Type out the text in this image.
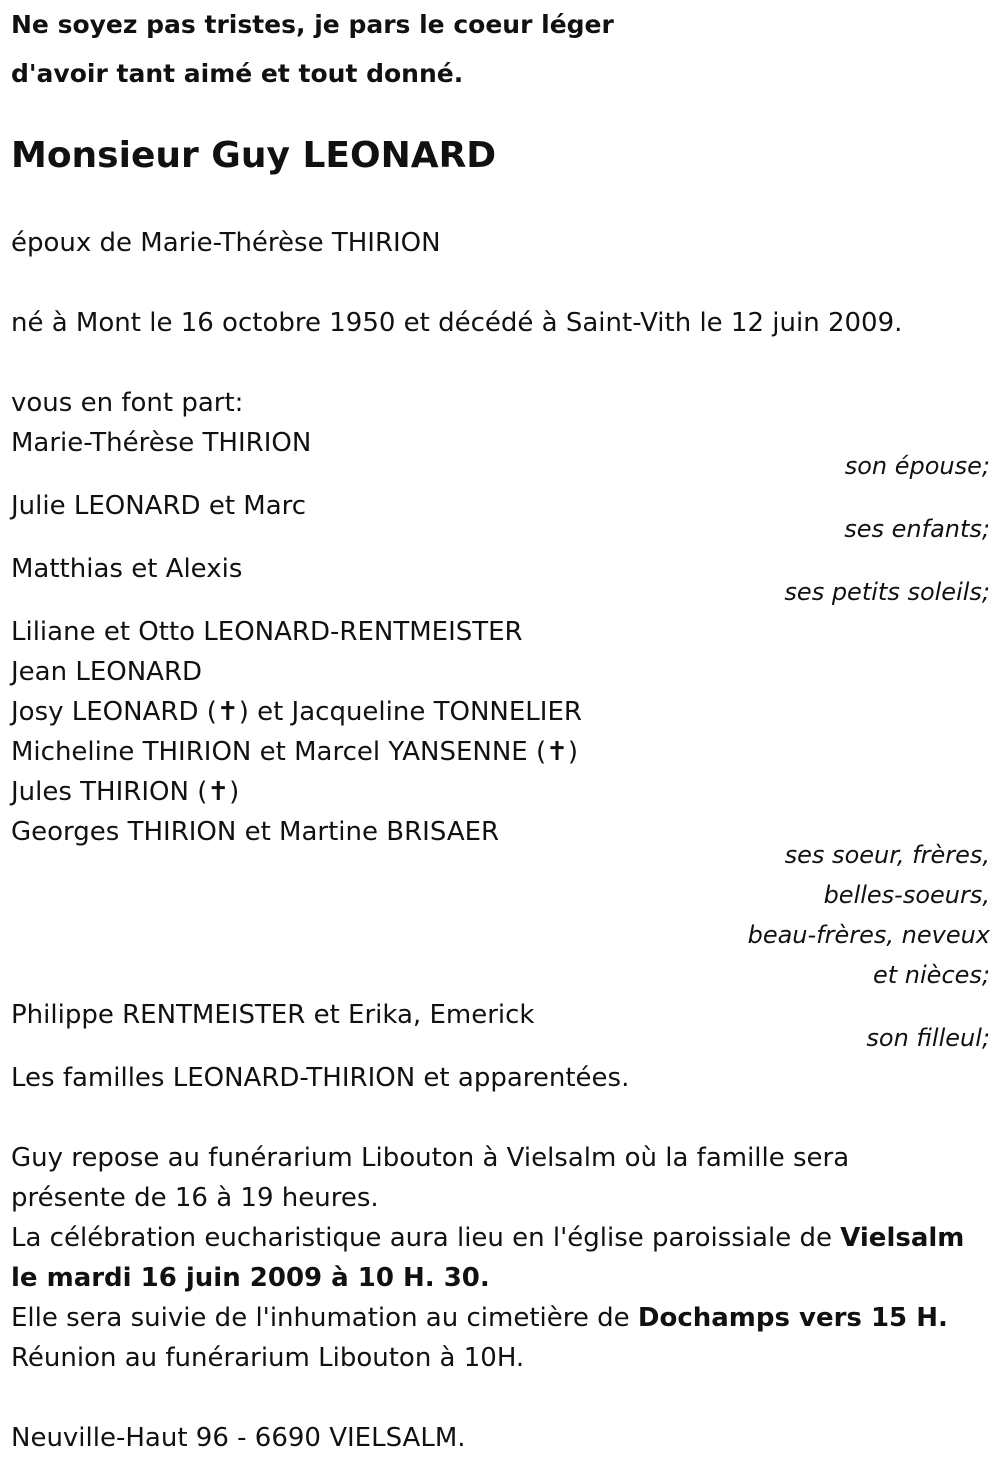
Ne soyez pas tristes, je pars le coeur léger
d'avoir tant aimé et tout donné.
Monsieur Guy LEONARD
époux de Marie-Thérèse THIRION
né à Mont le 16 octobre 1950 et décédé à Saint-Vith le 12 juin 2009.
vous en font part:
Marie-Thérèse THIRION
son épouse;
Julie LEONARD et Marc
ses enfants;
Matthias et Alexis
ses petits soleils;
Liliane et Otto LEONARD-RENTMEISTER
Jean LEONARD
Josy LEONARD (✝) et Jacqueline TONNELIER
Micheline THIRION et Marcel YANSENNE (✝)
Jules THIRION (✝)
Georges THIRION et Martine BRISAER
ses soeur, frères,
belles-soeurs,
beau-frères, neveux
et nièces;
Philippe RENTMEISTER et Erika, Emerick
son filleul;
Les familles LEONARD-THIRION et apparentées.
Guy repose au funérarium Libouton à Vielsalm où la famille sera
présente de 16 à 19 heures.
La célébration eucharistique aura lieu en l'église paroissiale de Vielsalm
le mardi 16 juin 2009 à 10 H. 30.
Elle sera suivie de l'inhumation au cimetière de Dochamps vers 15 H.
Réunion au funérarium Libouton à 10H.
Neuville-Haut 96 - 6690 VIELSALM.
